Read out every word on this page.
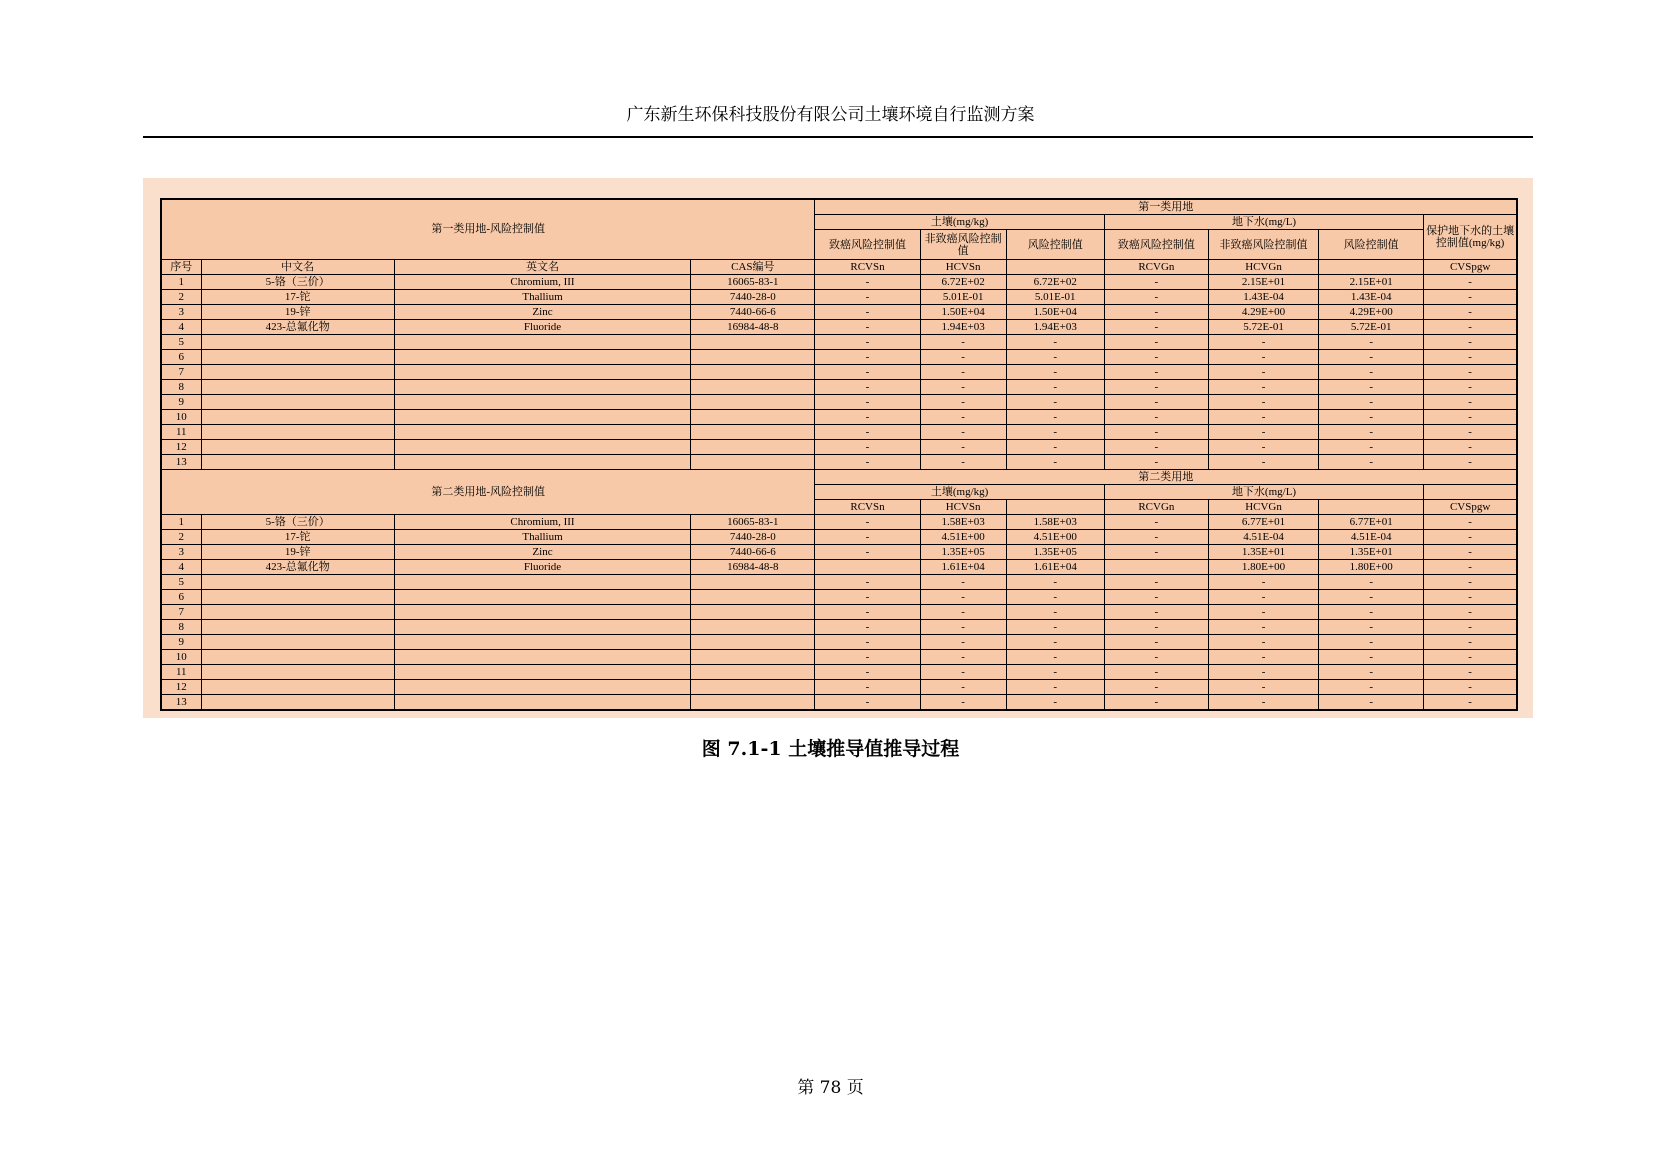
广东新生环保科技股份有限公司土壤环境自行监测方案
第一类用地-风险控制值				第一类用地						
				土壤(mg/kg)			地下水(mg/L)			保护地下水的土壤控制值(mg/kg)
				致癌风险控制值	非致癌风险控制值	风险控制值	致癌风险控制值	非致癌风险控制值	风险控制值	
序号	中文名	英文名	CAS编号	RCVSn	HCVSn		RCVGn	HCVGn		CVSpgw
1	5-铬（三价）	Chromium, III	16065-83-1	-	6.72E+02	6.72E+02	-	2.15E+01	2.15E+01	-
2	17-铊	Thallium	7440-28-0	-	5.01E-01	5.01E-01	-	1.43E-04	1.43E-04	-
3	19-锌	Zinc	7440-66-6	-	1.50E+04	1.50E+04	-	4.29E+00	4.29E+00	-
4	423-总氟化物	Fluoride	16984-48-8	-	1.94E+03	1.94E+03	-	5.72E-01	5.72E-01	-
5				-	-	-	-	-	-	-
6				-	-	-	-	-	-	-
7				-	-	-	-	-	-	-
8				-	-	-	-	-	-	-
9				-	-	-	-	-	-	-
10				-	-	-	-	-	-	-
11				-	-	-	-	-	-	-
12				-	-	-	-	-	-	-
13				-	-	-	-	-	-	-
第二类用地-风险控制值				第二类用地						
				土壤(mg/kg)			地下水(mg/L)			
				RCVSn	HCVSn		RCVGn	HCVGn		CVSpgw
1	5-铬（三价）	Chromium, III	16065-83-1	-	1.58E+03	1.58E+03	-	6.77E+01	6.77E+01	-
2	17-铊	Thallium	7440-28-0	-	4.51E+00	4.51E+00	-	4.51E-04	4.51E-04	-
3	19-锌	Zinc	7440-66-6	-	1.35E+05	1.35E+05	-	1.35E+01	1.35E+01	-
4	423-总氟化物	Fluoride	16984-48-8		1.61E+04	1.61E+04		1.80E+00	1.80E+00	-
5				-	-	-	-	-	-	-
6				-	-	-	-	-	-	-
7				-	-	-	-	-	-	-
8				-	-	-	-	-	-	-
9				-	-	-	-	-	-	-
10				-	-	-	-	-	-	-
11				-	-	-	-	-	-	-
12				-	-	-	-	-	-	-
13				-	-	-	-	-	-	-
图 7.1-1 土壤推导值推导过程
第 78 页
